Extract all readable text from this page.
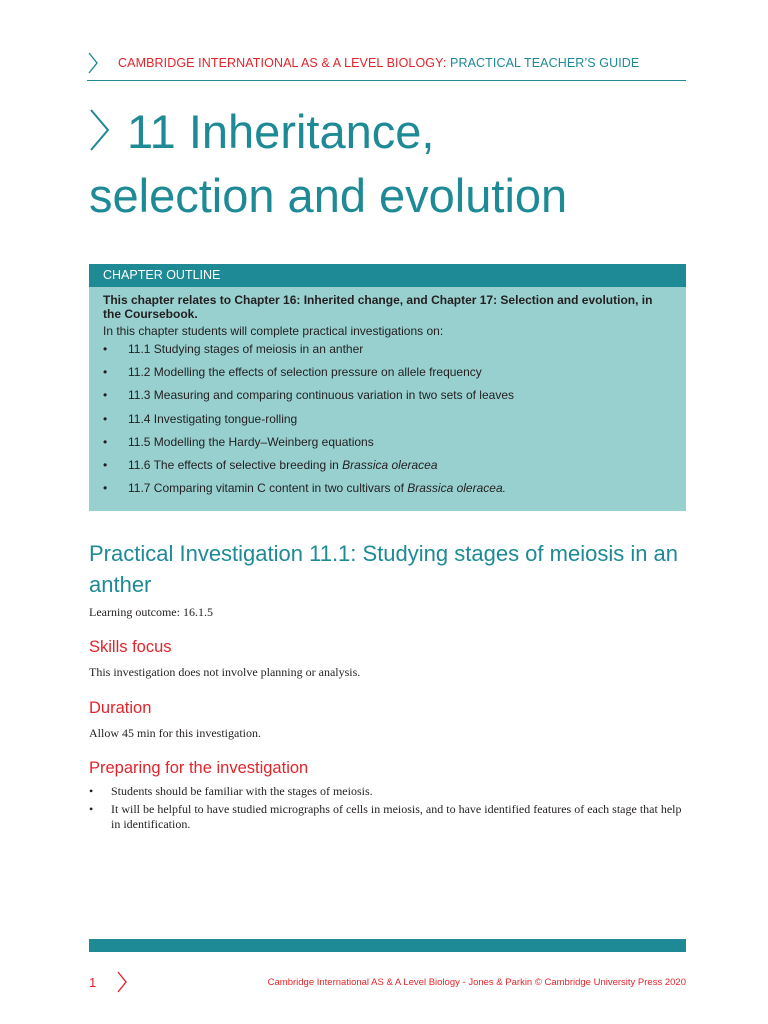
CAMBRIDGE INTERNATIONAL AS & A LEVEL BIOLOGY: PRACTICAL TEACHER’S GUIDE
11 Inheritance,
selection and evolution
CHAPTER OUTLINE
This chapter relates to Chapter 16: Inherited change, and Chapter 17: Selection and evolution, in the Coursebook.
In this chapter students will complete practical investigations on:
• 11.1 Studying stages of meiosis in an anther
• 11.2 Modelling the effects of selection pressure on allele frequency
• 11.3 Measuring and comparing continuous variation in two sets of leaves
• 11.4 Investigating tongue-rolling
• 11.5 Modelling the Hardy–Weinberg equations
• 11.6 The effects of selective breeding in Brassica oleracea
• 11.7 Comparing vitamin C content in two cultivars of Brassica oleracea.
Practical Investigation 11.1: Studying stages of meiosis in an anther
Learning outcome: 16.1.5
Skills focus
This investigation does not involve planning or analysis.
Duration
Allow 45 min for this investigation.
Preparing for the investigation
• Students should be familiar with the stages of meiosis.
• It will be helpful to have studied micrographs of cells in meiosis, and to have identified features of each stage that help in identification.
1	Cambridge International AS & A Level Biology - Jones & Parkin © Cambridge University Press 2020
